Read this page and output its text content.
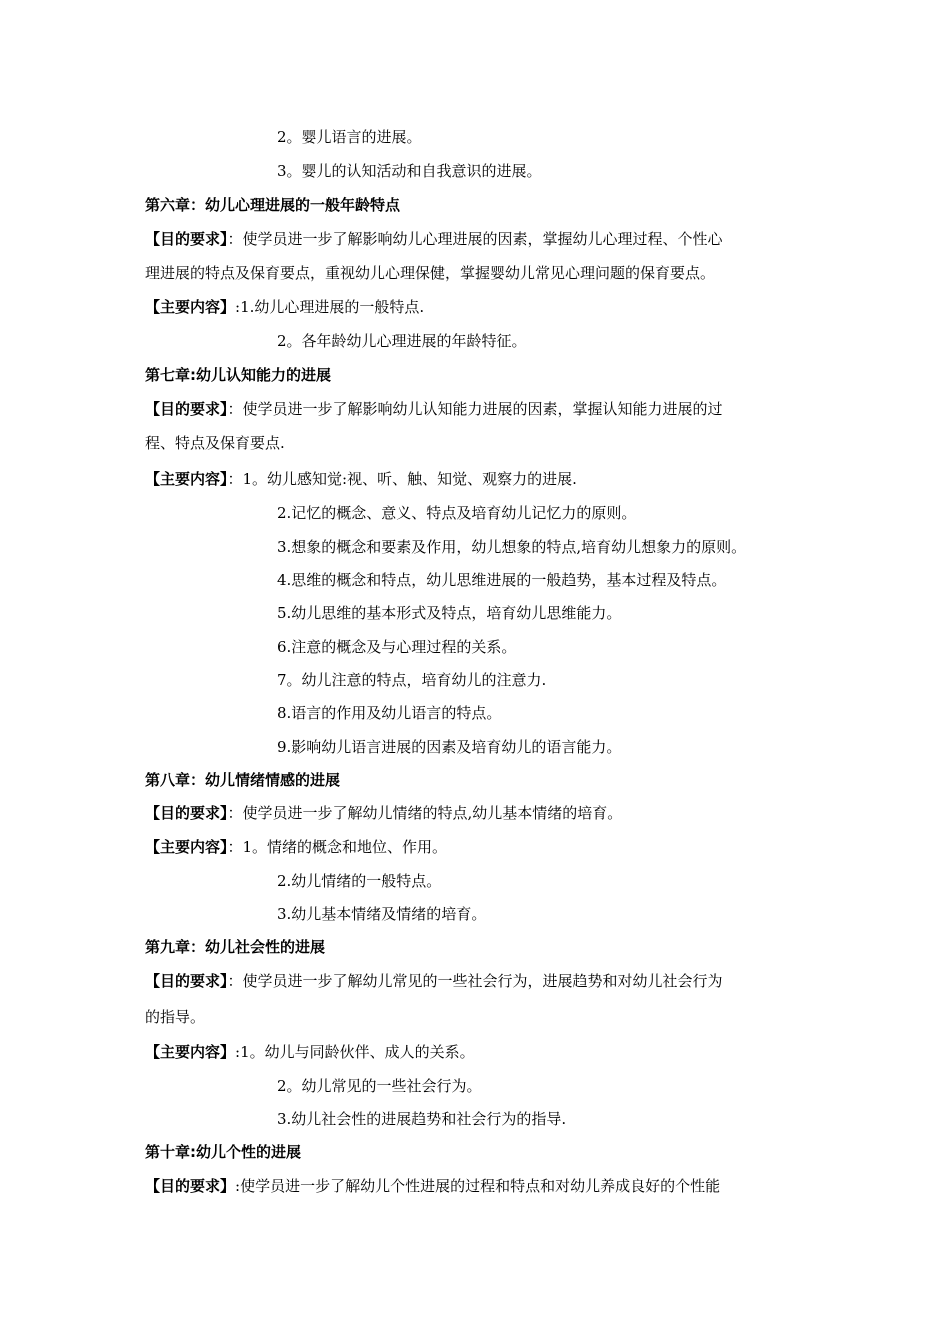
2。婴儿语言的进展。
3。婴儿的认知活动和自我意识的进展。
第六章：幼儿心理进展的一般年龄特点
【目的要求】：使学员进一步了解影响幼儿心理进展的因素，掌握幼儿心理过程、个性心
理进展的特点及保育要点，重视幼儿心理保健，掌握婴幼儿常见心理问题的保育要点。
【主要内容】:1.幼儿心理进展的一般特点.
2。各年龄幼儿心理进展的年龄特征。
第七章:幼儿认知能力的进展
【目的要求】：使学员进一步了解影响幼儿认知能力进展的因素，掌握认知能力进展的过
程、特点及保育要点.
【主要内容】：1。幼儿感知觉:视、听、触、知觉、观察力的进展.
2.记忆的概念、意义、特点及培育幼儿记忆力的原则。
3.想象的概念和要素及作用，幼儿想象的特点,培育幼儿想象力的原则。
4.思维的概念和特点，幼儿思维进展的一般趋势，基本过程及特点。
5.幼儿思维的基本形式及特点，培育幼儿思维能力。
6.注意的概念及与心理过程的关系。
7。幼儿注意的特点，培育幼儿的注意力.
8.语言的作用及幼儿语言的特点。
9.影响幼儿语言进展的因素及培育幼儿的语言能力。
第八章：幼儿情绪情感的进展
【目的要求】：使学员进一步了解幼儿情绪的特点,幼儿基本情绪的培育。
【主要内容】：1。情绪的概念和地位、作用。
2.幼儿情绪的一般特点。
3.幼儿基本情绪及情绪的培育。
第九章：幼儿社会性的进展
【目的要求】：使学员进一步了解幼儿常见的一些社会行为，进展趋势和对幼儿社会行为
的指导。
【主要内容】:1。幼儿与同龄伙伴、成人的关系。
2。幼儿常见的一些社会行为。
3.幼儿社会性的进展趋势和社会行为的指导.
第十章:幼儿个性的进展
【目的要求】:使学员进一步了解幼儿个性进展的过程和特点和对幼儿养成良好的个性能
